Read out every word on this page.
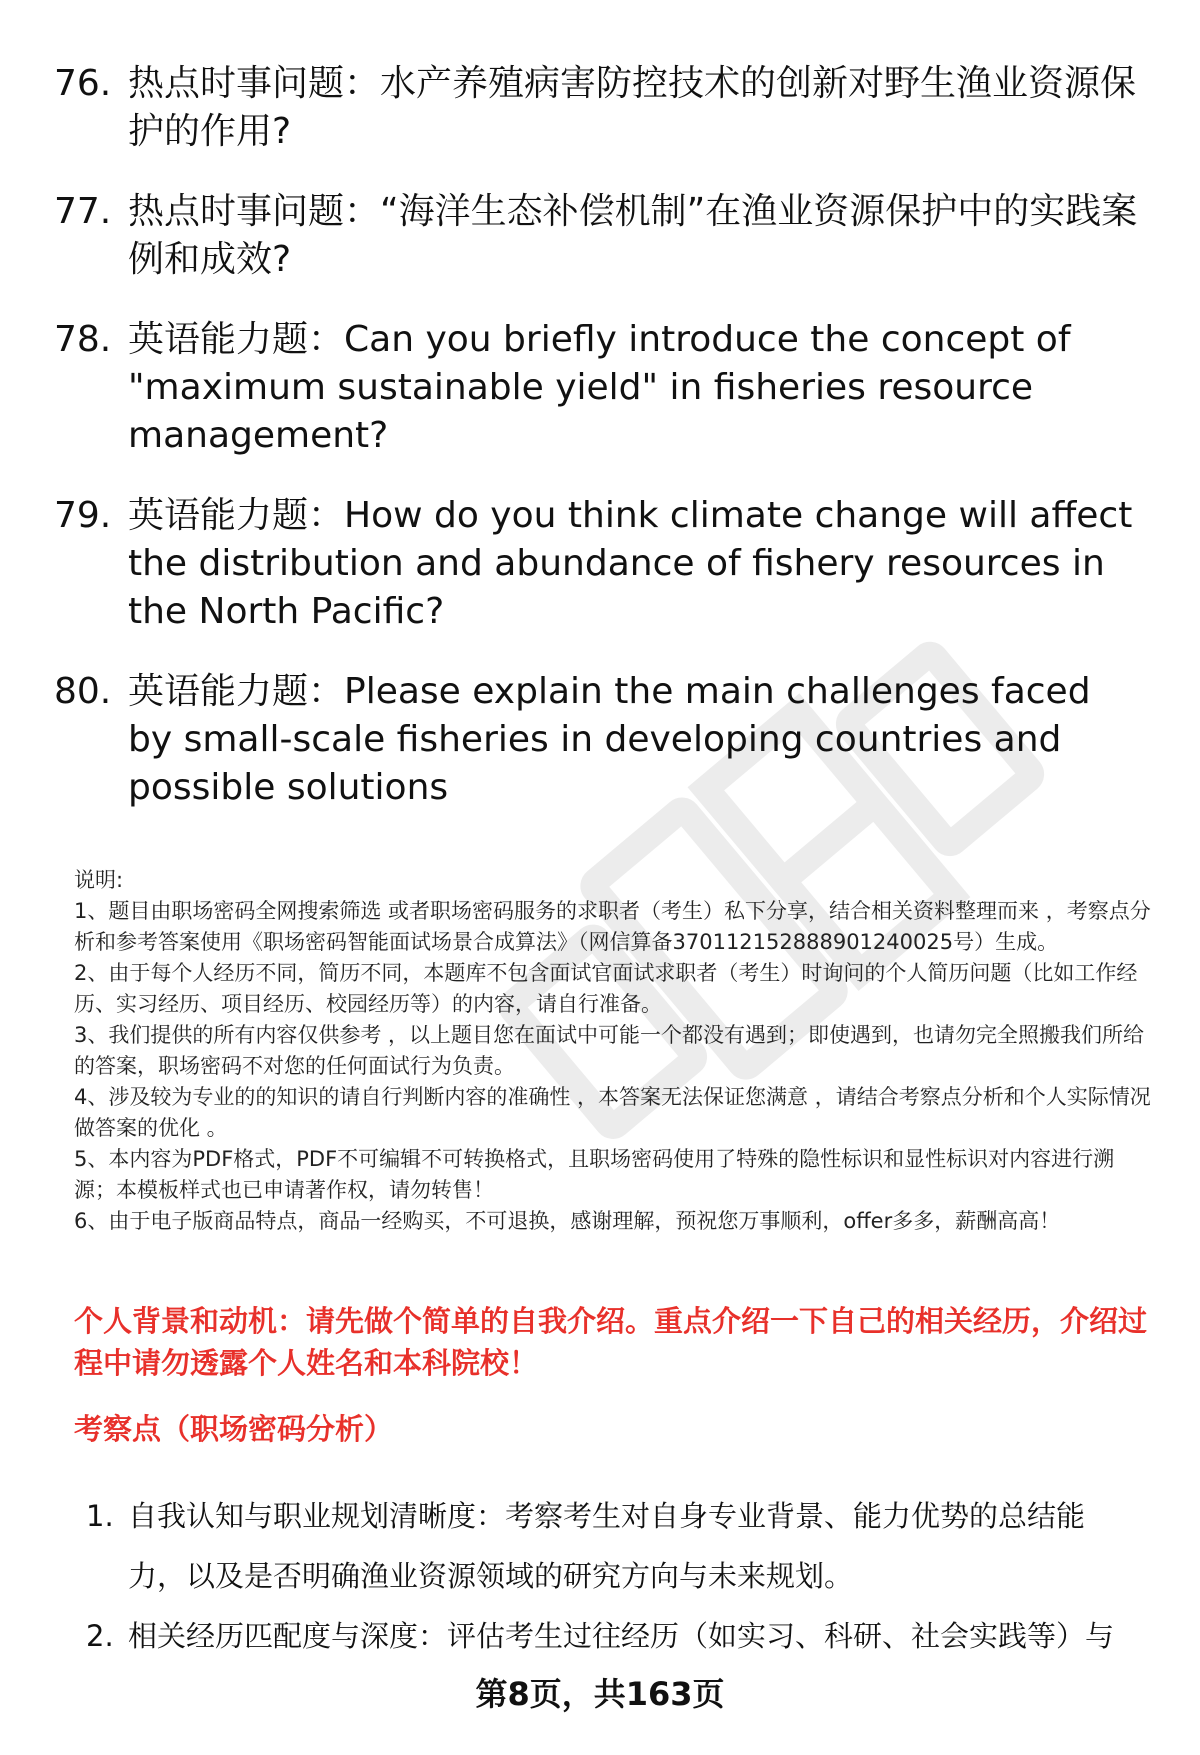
76. 热点时事问题：水产养殖病害防控技术的创新对野生渔业资源保护的作用?
77. 热点时事问题：“海洋生态补偿机制”在渔业资源保护中的实践案例和成效?
78. 英语能力题：Can you briefly introduce the concept of "maximum sustainable yield" in fisheries resource management?
79. 英语能力题：How do you think climate change will affect the distribution and abundance of fishery resources in the North Pacific?
80. 英语能力题：Please explain the main challenges faced by small-scale fisheries in developing countries and possible solutions

说明:

1、题目由职场密码全网搜索筛选 或者职场密码服务的求职者（考生）私下分享，结合相关资料整理而来 ，考察点分析和参考答案使用《职场密码智能面试场景合成算法》（网信算备370112152888901240025号）生成。

2、由于每个人经历不同，简历不同，本题库不包含面试官面试求职者（考生）时询问的个人简历问题（比如工作经历、实习经历、项目经历、校园经历等）的内容，请自行准备。

3、我们提供的所有内容仅供参考 ，以上题目您在面试中可能一个都没有遇到；即使遇到，也请勿完全照搬我们所给的答案，职场密码不对您的任何面试行为负责。

4、涉及较为专业的的知识的请自行判断内容的准确性 ，本答案无法保证您满意 ，请结合考察点分析和个人实际情况做答案的优化 。

5、本内容为PDF格式，PDF不可编辑不可转换格式，且职场密码使用了特殊的隐性标识和显性标识对内容进行溯源；本模板样式也已申请著作权，请勿转售！

6、由于电子版商品特点，商品一经购买，不可退换，感谢理解，预祝您万事顺利，offer多多，薪酬高高！

个人背景和动机：请先做个简单的自我介绍。重点介绍一下自己的相关经历，介绍过程中请勿透露个人姓名和本科院校！
考察点（职场密码分析）
1. 自我认知与职业规划清晰度：考察考生对自身专业背景、能力优势的总结能力，以及是否明确渔业资源领域的研究方向与未来规划。
2. 相关经历匹配度与深度：评估考生过往经历（如实习、科研、社会实践等）与
第8页，共163页
